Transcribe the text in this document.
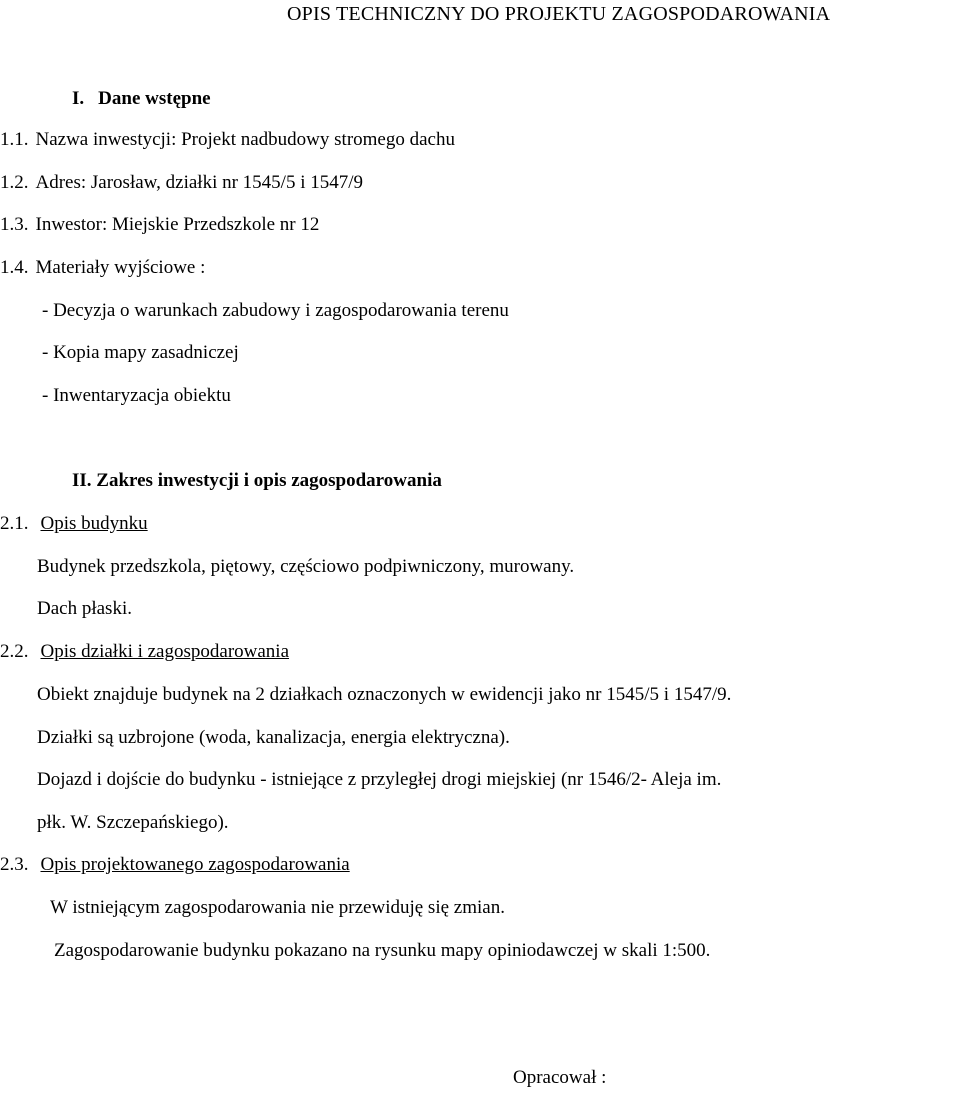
OPIS TECHNICZNY DO PROJEKTU ZAGOSPODAROWANIA
I. Dane wstępne
1.1. Nazwa inwestycji: Projekt nadbudowy stromego dachu
1.2. Adres: Jarosław, działki nr 1545/5 i 1547/9
1.3. Inwestor: Miejskie Przedszkole nr 12
1.4. Materiały wyjściowe :
- Decyzja o warunkach zabudowy i zagospodarowania terenu
- Kopia mapy zasadniczej
- Inwentaryzacja obiektu
II. Zakres inwestycji i opis zagospodarowania
2.1. Opis budynku
Budynek przedszkola, piętowy, częściowo podpiwniczony, murowany.
Dach płaski.
2.2. Opis działki i zagospodarowania
Obiekt znajduje budynek na 2 działkach oznaczonych w ewidencji jako nr 1545/5 i 1547/9.
Działki są uzbrojone (woda, kanalizacja, energia elektryczna).
Dojazd i dojście do budynku - istniejące z przyległej drogi miejskiej (nr 1546/2- Aleja im.
płk. W. Szczepańskiego).
2.3. Opis projektowanego zagospodarowania
W istniejącym zagospodarowania nie przewiduję się zmian.
Zagospodarowanie budynku pokazano na rysunku mapy opiniodawczej w skali 1:500.
Opracował :
